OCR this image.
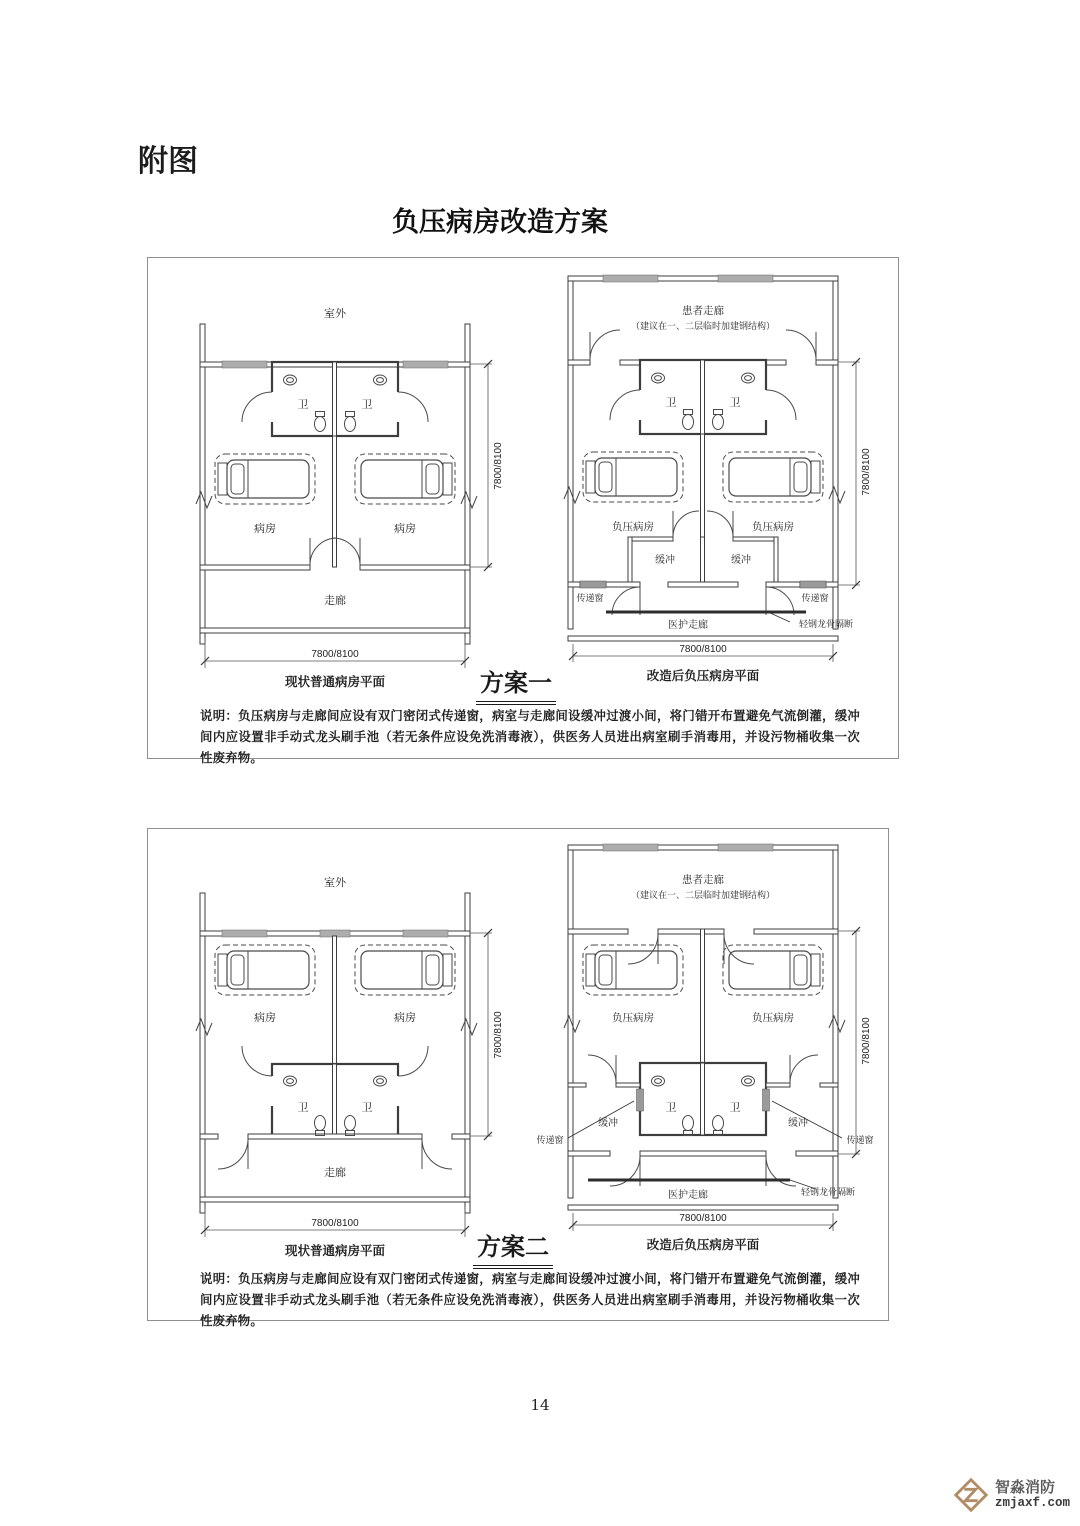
附图
负压病房改造方案
室外
卫	卫
病房	病房
走廊
7800/8100
7800/8100
现状普通病房平面
患者走廊
（建议在一、二层临时加建钢结构）
卫	卫
负压病房	负压病房
缓冲	缓冲
传递窗	传递窗
轻钢龙骨隔断
医护走廊
7800/8100
7800/8100
改造后负压病房平面
方案一
说明：负压病房与走廊间应设有双门密闭式传递窗，病室与走廊间设缓冲过渡小间，将门错开布置避免气流倒灌，缓冲间内应设置非手动式龙头刷手池（若无条件应设免洗消毒液），供医务人员进出病室刷手消毒用，并设污物桶收集一次性废弃物。
室外
病房	病房
卫	卫
走廊
7800/8100
7800/8100
现状普通病房平面
患者走廊
（建议在一、二层临时加建钢结构）
负压病房	负压病房
卫	卫
缓冲	缓冲
传递窗	传递窗
轻钢龙骨隔断
医护走廊
7800/8100
7800/8100
改造后负压病房平面
方案二
说明：负压病房与走廊间应设有双门密闭式传递窗，病室与走廊间设缓冲过渡小间，将门错开布置避免气流倒灌，缓冲间内应设置非手动式龙头刷手池（若无条件应设免洗消毒液），供医务人员进出病室刷手消毒用，并设污物桶收集一次性废弃物。
14
智淼消防
zmjaxf.com
